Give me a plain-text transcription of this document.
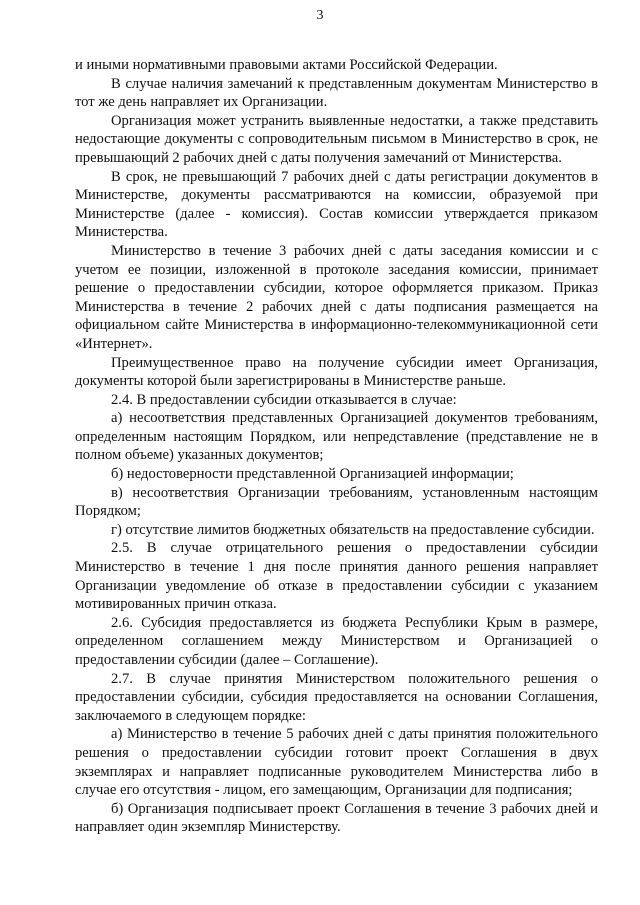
3

и иными нормативными правовыми актами Российской Федерации.

В случае наличия замечаний к представленным документам Министерство в тот же день направляет их Организации.

Организация может устранить выявленные недостатки, а также представить недостающие документы с сопроводительным письмом в Министерство в срок, не превышающий 2 рабочих дней с даты получения замечаний от Министерства.

В срок, не превышающий 7 рабочих дней с даты регистрации документов в Министерстве, документы рассматриваются на комиссии, образуемой при Министерстве (далее - комиссия). Состав комиссии утверждается приказом Министерства.

Министерство в течение 3 рабочих дней с даты заседания комиссии и с учетом ее позиции, изложенной в протоколе заседания комиссии, принимает решение о предоставлении субсидии, которое оформляется приказом. Приказ Министерства в течение 2 рабочих дней с даты подписания размещается на официальном сайте Министерства в информационно-телекоммуникационной сети «Интернет».

Преимущественное право на получение субсидии имеет Организация, документы которой были зарегистрированы в Министерстве раньше.

2.4. В предоставлении субсидии отказывается в случае:

а) несоответствия представленных Организацией документов требованиям, определенным настоящим Порядком, или непредставление (представление не в полном объеме) указанных документов;

б) недостоверности представленной Организацией информации;

в) несоответствия Организации требованиям, установленным настоящим Порядком;

г) отсутствие лимитов бюджетных обязательств на предоставление субсидии.

2.5. В случае отрицательного решения о предоставлении субсидии Министерство в течение 1 дня после принятия данного решения направляет Организации уведомление об отказе в предоставлении субсидии с указанием мотивированных причин отказа.

2.6. Субсидия предоставляется из бюджета Республики Крым в размере, определенном соглашением между Министерством и Организацией о предоставлении субсидии (далее – Соглашение).

2.7. В случае принятия Министерством положительного решения о предоставлении субсидии, субсидия предоставляется на основании Соглашения, заключаемого в следующем порядке:

а) Министерство в течение 5 рабочих дней с даты принятия положительного решения о предоставлении субсидии готовит проект Соглашения в двух экземплярах и направляет подписанные руководителем Министерства либо в случае его отсутствия - лицом, его замещающим, Организации для подписания;

б) Организация подписывает проект Соглашения в течение 3 рабочих дней и направляет один экземпляр Министерству.
